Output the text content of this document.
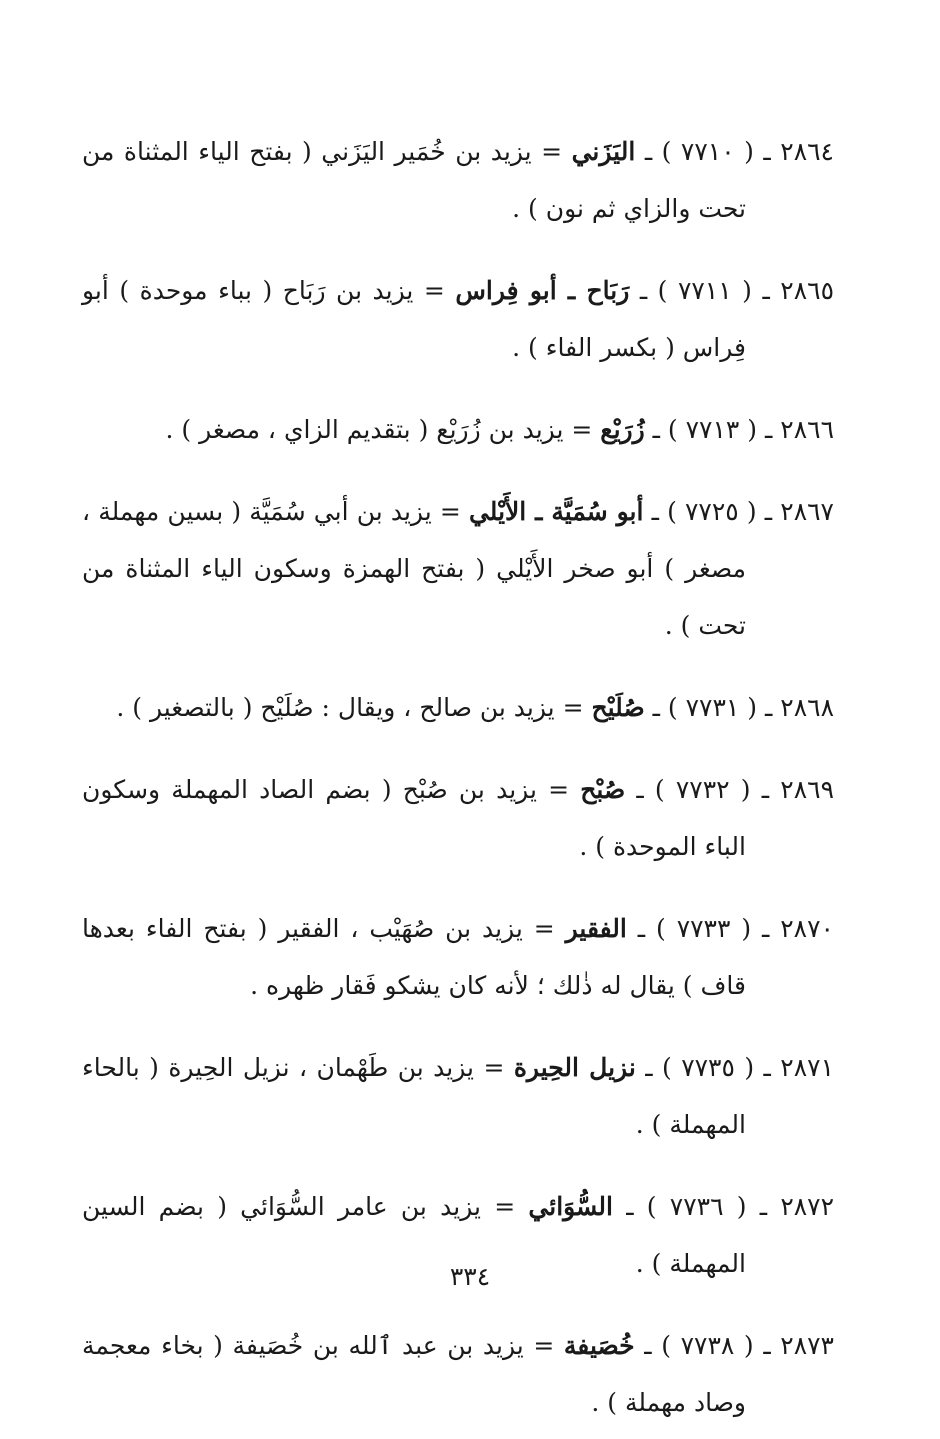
٢٨٦٤ ـ ( ٧٧١٠ ) ـ اليَزَني = يزيد بن خُمَير اليَزَني ( بفتح الياء المثناة من تحت والزاي ثم نون ) .

٢٨٦٥ ـ ( ٧٧١١ ) ـ رَبَاح ـ أبو فِراس = يزيد بن رَبَاح ( بباء موحدة ) أبو فِراس ( بكسر الفاء ) .

٢٨٦٦ ـ ( ٧٧١٣ ) ـ زُرَيْع = يزيد بن زُرَيْع ( بتقديم الزاي ، مصغر ) .

٢٨٦٧ ـ ( ٧٧٢٥ ) ـ أبو سُمَيَّة ـ الأَيْلي = يزيد بن أبي سُمَيَّة ( بسين مهملة ، مصغر ) أبو صخر الأَيْلي ( بفتح الهمزة وسكون الياء المثناة من تحت ) .

٢٨٦٨ ـ ( ٧٧٣١ ) ـ صُلَيْح = يزيد بن صالح ، ويقال : صُلَيْح ( بالتصغير ) .

٢٨٦٩ ـ ( ٧٧٣٢ ) ـ صُبْح = يزيد بن صُبْح ( بضم الصاد المهملة وسكون الباء الموحدة ) .

٢٨٧٠ ـ ( ٧٧٣٣ ) ـ الفقير = يزيد بن صُهَيْب ، الفقير ( بفتح الفاء بعدها قاف ) يقال له ذٰلك ؛ لأنه كان يشكو فَقار ظهره .

٢٨٧١ ـ ( ٧٧٣٥ ) ـ نزيل الحِيرة = يزيد بن طَهْمان ، نزيل الحِيرة ( بالحاء المهملة ) .

٢٨٧٢ ـ ( ٧٧٣٦ ) ـ السُّوَائي = يزيد بن عامر السُّوَائي ( بضم السين المهملة ) .

٢٨٧٣ ـ ( ٧٧٣٨ ) ـ خُصَيفة = يزيد بن عبد ٱلله بن خُصَيفة ( بخاء معجمة وصاد مهملة ) .

٣٣٤
